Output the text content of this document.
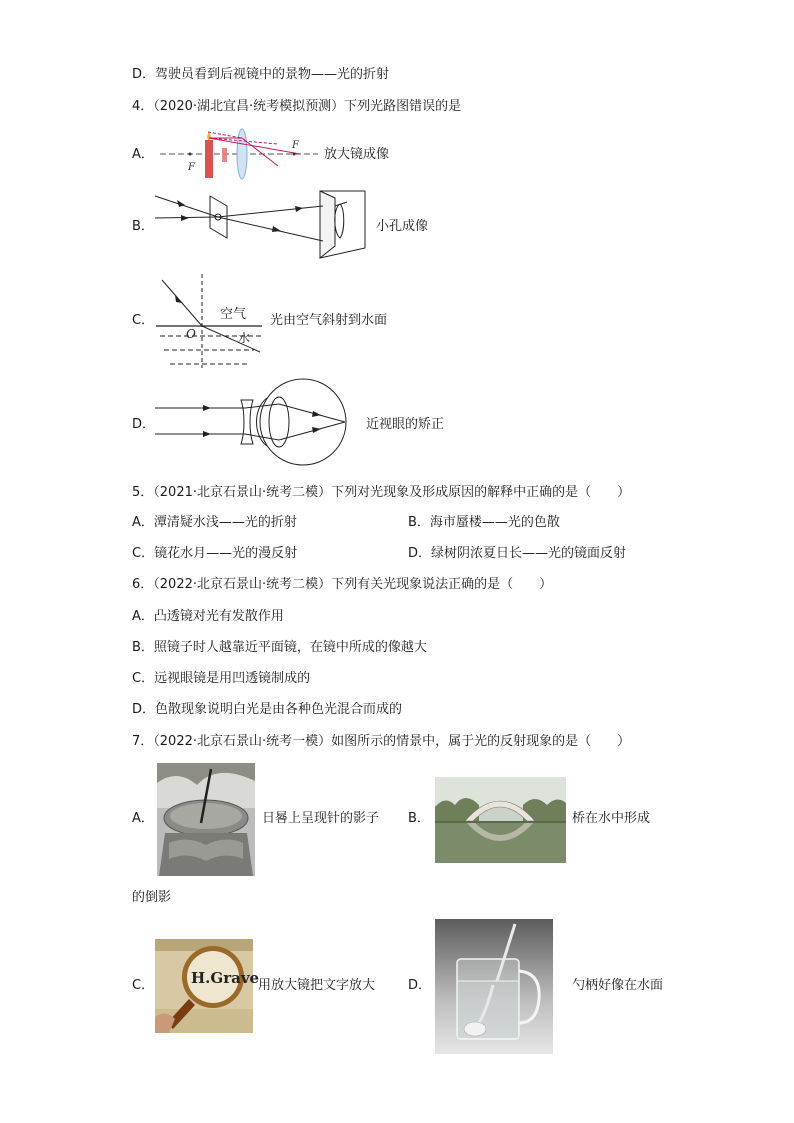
D．驾驶员看到后视镜中的景物——光的折射
4．（2020·湖北宜昌·统考模拟预测）下列光路图错误的是
A．
F
F
放大镜成像
B．	小孔成像
C．	空气
水
O
光由空气斜射到水面
D．	近视眼的矫正
5．（2021·北京石景山·统考二模）下列对光现象及形成原因的解释中正确的是（　　）
A．潭清疑水浅——光的折射	B．海市蜃楼——光的色散
C．镜花水月——光的漫反射	D．绿树阴浓夏日长——光的镜面反射
6．（2022·北京石景山·统考二模）下列有关光现象说法正确的是（　　）
A．凸透镜对光有发散作用
B．照镜子时人越靠近平面镜，在镜中所成的像越大
C．远视眼镜是用凹透镜制成的
D．色散现象说明白光是由各种色光混合而成的
7．（2022·北京石景山·统考一模）如图所示的情景中，属于光的反射现象的是（　　）
A．	日晷上呈现针的影子 B．	桥在水中形成
的倒影
C． H.Grave
用放大镜把文字放大	D．	勺柄好像在水面
